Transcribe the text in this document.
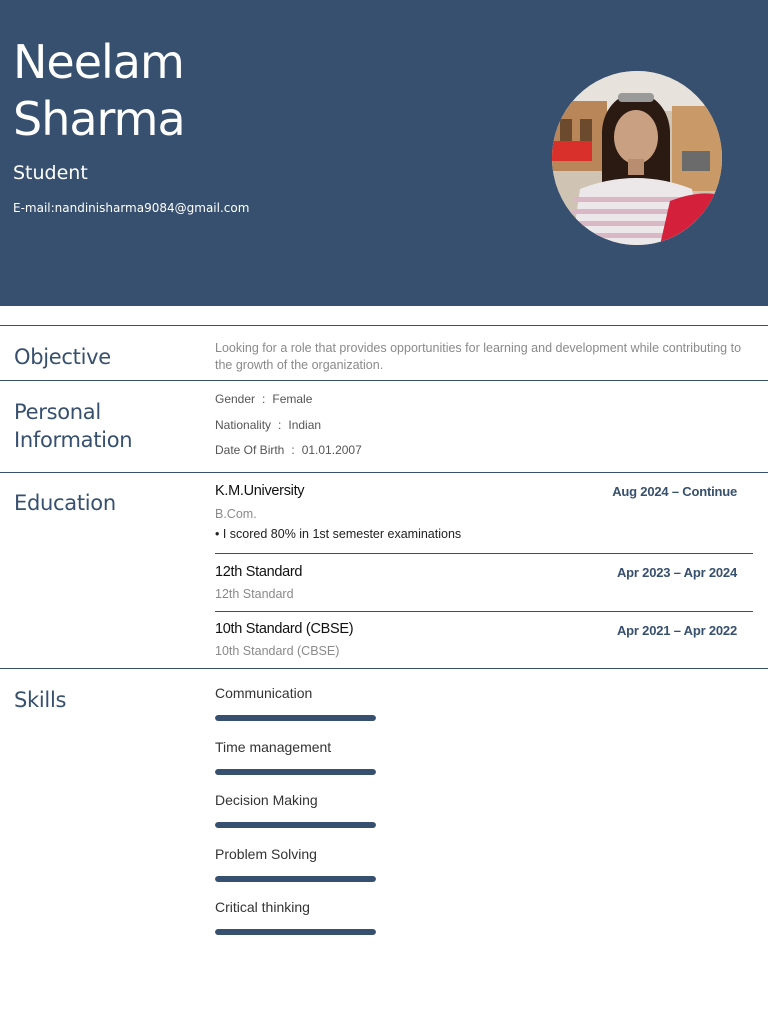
Neelam
Sharma
Student
E-mail:nandinisharma9084@gmail.com
Objective	Looking for a role that provides opportunities for learning and development while contributing to the growth of the organization.
Personal
Information
Gender : Female
Nationality : Indian
Date Of Birth : 01.01.2007
Education	K.M.University	Aug 2024 – Continue
B.Com.
• I scored 80% in 1st semester examinations
12th Standard	Apr 2023 – Apr 2024
12th Standard
10th Standard (CBSE)	Apr 2021 – Apr 2022
10th Standard (CBSE)
Skills	Communication
Time management
Decision Making
Problem Solving
Critical thinking
